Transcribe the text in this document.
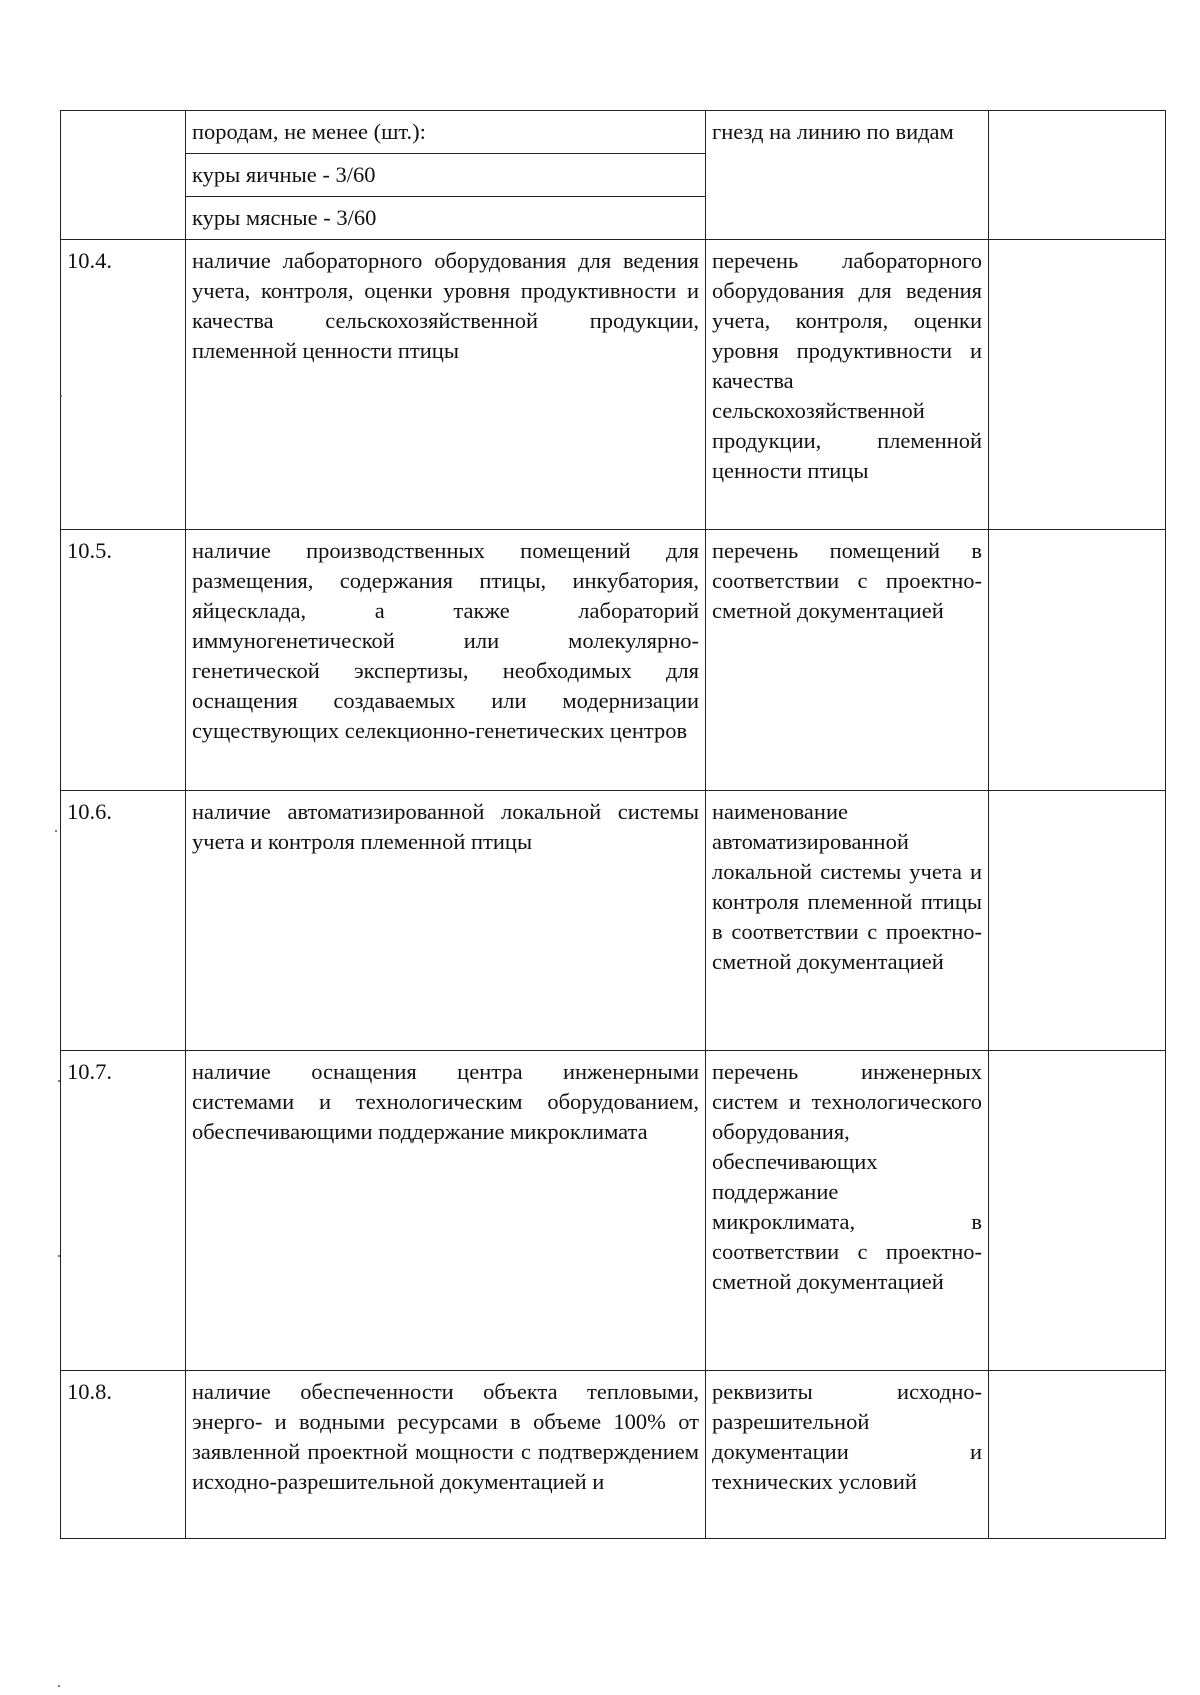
	породам, не менее (шт.):	гнезд на линию по видам	
	куры яичные - 3/60		
	куры мясные - 3/60		
10.4.	наличие лабораторного оборудования для ведения учета, контроля, оценки уровня продуктивности и качества сельскохозяйственной продукции, племенной ценности птицы	перечень лабораторного оборудования для ведения учета, контроля, оценки уровня продуктивности и качества сельскохозяйственной продукции, племенной ценности птицы	
10.5.	наличие производственных помещений для размещения, содержания птицы, инкубатория, яйцесклада, а также лабораторий иммуногенетической или молекулярно-генетической экспертизы, необходимых для оснащения создаваемых или модернизации существующих селекционно-генетических центров	перечень помещений в соответствии с проектно-сметной документацией	
10.6.	наличие автоматизированной локальной системы учета и контроля племенной птицы	наименование автоматизированной локальной системы учета и контроля племенной птицы в соответствии с проектно-сметной документацией	
10.7.	наличие оснащения центра инженерными системами и технологическим оборудованием, обеспечивающими поддержание микроклимата	перечень инженерных систем и технологического оборудования, обеспечивающих поддержание микроклимата, в соответствии с проектно-сметной документацией	
10.8.	наличие обеспеченности объекта тепловыми, энерго- и водными ресурсами в объеме 100% от заявленной проектной мощности с подтверждением исходно-разрешительной документацией и	реквизиты исходно-разрешительной документации и технических условий	
